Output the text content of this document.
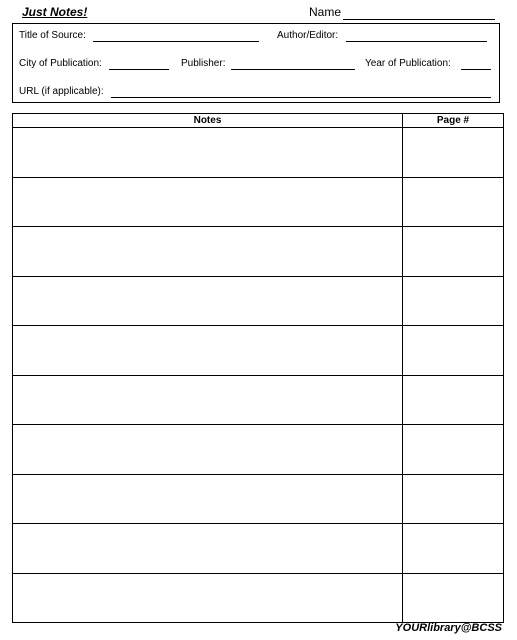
Just Notes!	Name
Title of Source:	Author/Editor:
City of Publication:	Publisher:	Year of Publication:
URL (if applicable):
Notes	Page #

YOURlibrary@BCSS
